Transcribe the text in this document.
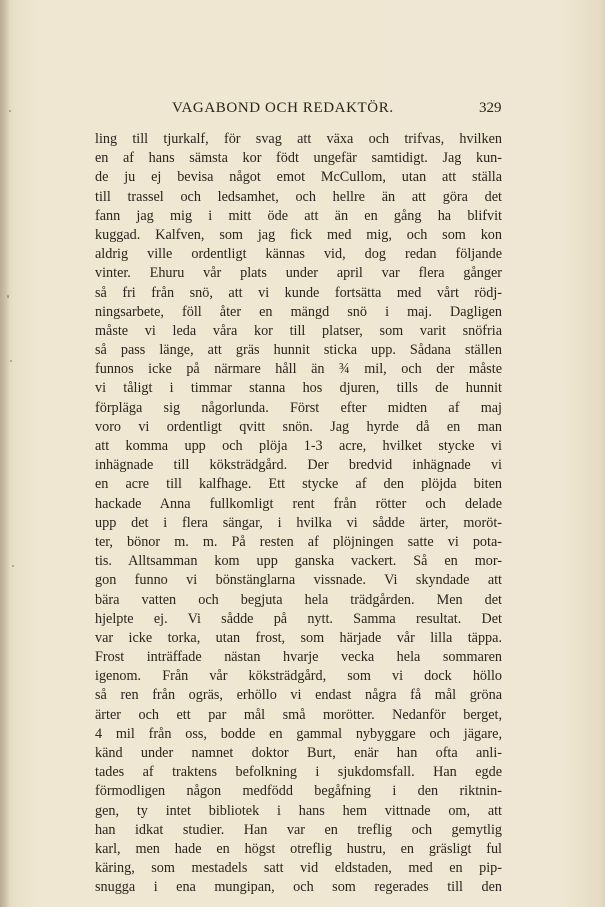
VAGABOND OCH REDAKTÖR.	329
ling till tjurkalf, för svag att växa och trifvas, hvilken
en af hans sämsta kor födt ungefär samtidigt. Jag kun-
de ju ej bevisa något emot McCullom, utan att ställa
till trassel och ledsamhet, och hellre än att göra det
fann jag mig i mitt öde att än en gång ha blifvit
kuggad. Kalfven, som jag fick med mig, och som kon
aldrig ville ordentligt kännas vid, dog redan följande
vinter. Ehuru vår plats under april var flera gånger
så fri från snö, att vi kunde fortsätta med vårt rödj-
ningsarbete, föll åter en mängd snö i maj. Dagligen
måste vi leda våra kor till platser, som varit snöfria
så pass länge, att gräs hunnit sticka upp. Sådana ställen
funnos icke på närmare håll än ¾ mil, och der måste
vi tåligt i timmar stanna hos djuren, tills de hunnit
förpläga sig någorlunda. Först efter midten af maj
voro vi ordentligt qvitt snön. Jag hyrde då en man
att komma upp och plöja 1-3 acre, hvilket stycke vi
inhägnade till köksträdgård. Der bredvid inhägnade vi
en acre till kalfhage. Ett stycke af den plöjda biten
hackade Anna fullkomligt rent från rötter och delade
upp det i flera sängar, i hvilka vi sådde ärter, moröt-
ter, bönor m. m. På resten af plöjningen satte vi pota-
tis. Alltsamman kom upp ganska vackert. Så en mor-
gon funno vi bönstänglarna vissnade. Vi skyndade att
bära vatten och begjuta hela trädgården. Men det
hjelpte ej. Vi sådde på nytt. Samma resultat. Det
var icke torka, utan frost, som härjade vår lilla täppa.
Frost inträffade nästan hvarje vecka hela sommaren
igenom. Från vår köksträdgård, som vi dock höllo
så ren från ogräs, erhöllo vi endast några få mål gröna
ärter och ett par mål små morötter. Nedanför berget,
4 mil från oss, bodde en gammal nybyggare och jägare,
känd under namnet doktor Burt, enär han ofta anli-
tades af traktens befolkning i sjukdomsfall. Han egde
förmodligen någon medfödd begåfning i den riktnin-
gen, ty intet bibliotek i hans hem vittnade om, att
han idkat studier. Han var en treflig och gemytlig
karl, men hade en högst otreflig hustru, en gräsligt ful
käring, som mestadels satt vid eldstaden, med en pip-
snugga i ena mungipan, och som regerades till den
